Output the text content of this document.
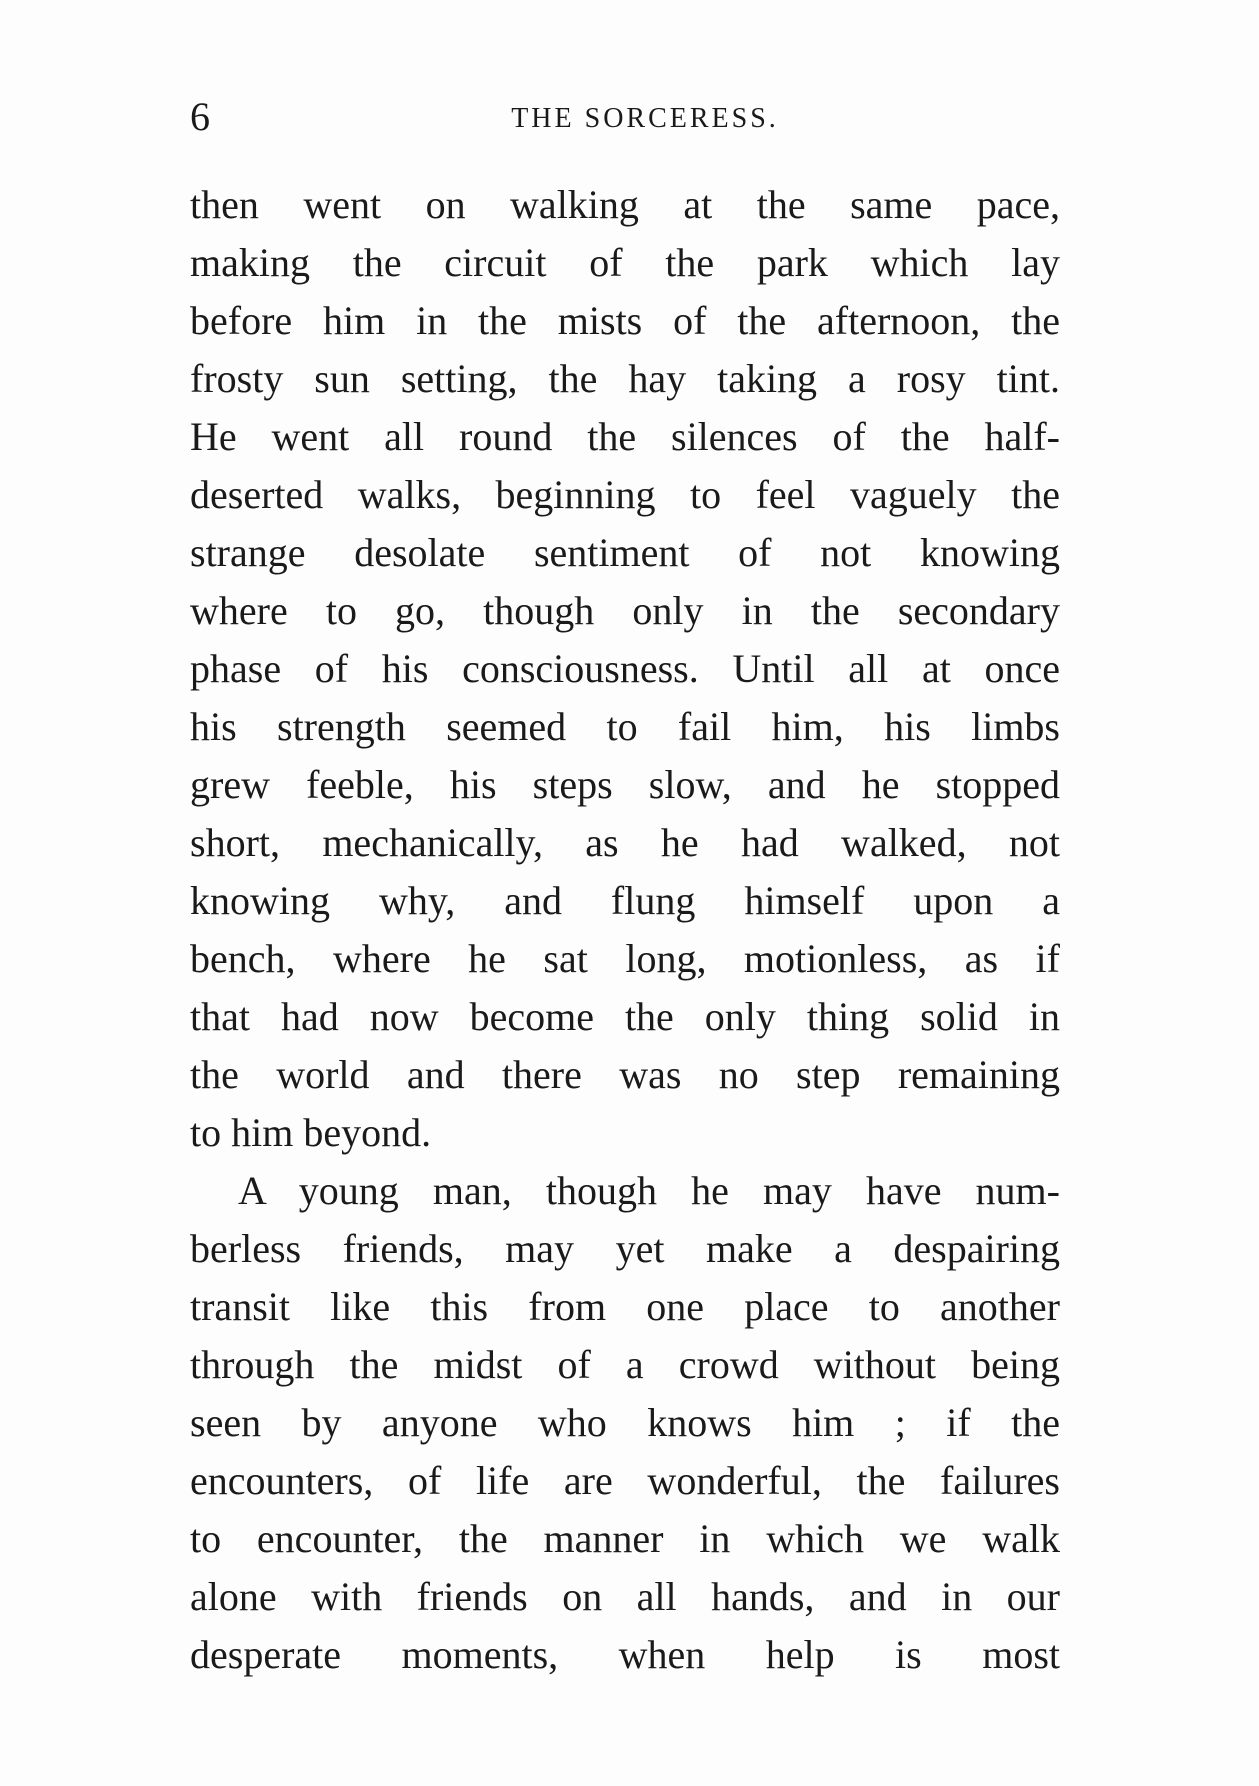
6	THE SORCERESS.
then went on walking at the same pace,
making the circuit of the park which lay
before him in the mists of the afternoon, the
frosty sun setting, the hay taking a rosy tint.
He went all round the silences of the half-
deserted walks, beginning to feel vaguely the
strange desolate sentiment of not knowing
where to go, though only in the secondary
phase of his consciousness. Until all at once
his strength seemed to fail him, his limbs
grew feeble, his steps slow, and he stopped
short, mechanically, as he had walked, not
knowing why, and flung himself upon a
bench, where he sat long, motionless, as if
that had now become the only thing solid in
the world and there was no step remaining
to him beyond.
A young man, though he may have num-
berless friends, may yet make a despairing
transit like this from one place to another
through the midst of a crowd without being
seen by anyone who knows him ; if the
encounters, of life are wonderful, the failures
to encounter, the manner in which we walk
alone with friends on all hands, and in our
desperate moments, when help is most
